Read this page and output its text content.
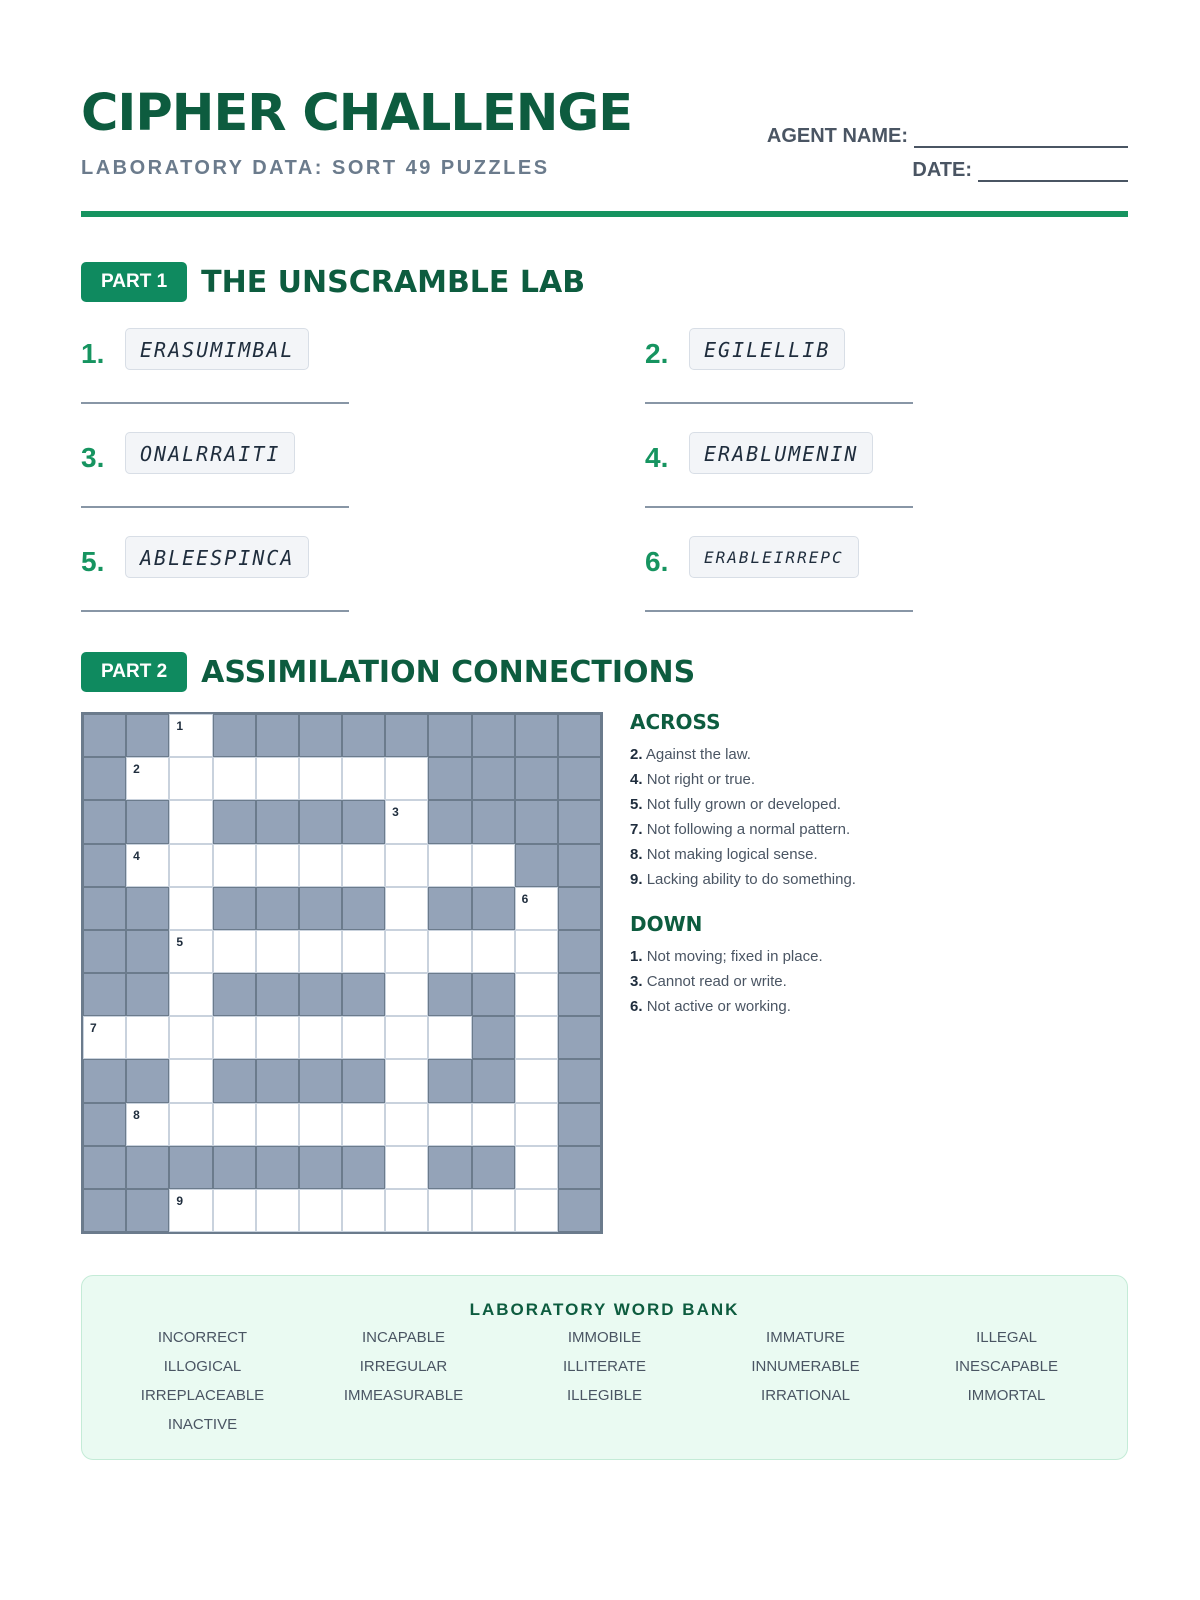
CIPHER CHALLENGE
LABORATORY DATA: SORT 49 PUZZLES
AGENT NAME:
DATE:
PART 1	THE UNSCRAMBLE LAB
1.	ERASUMIMBAL	2.	EGILELLIB
3.	ONALRRAITI	4.	ERABLUMENIN
5.	ABLEESPINCA	6.	ERABLEIRREPC
PART 2	ASSIMILATION CONNECTIONS
1
2
3
4
6
5
7
8
9
ACROSS
2. Against the law.
4. Not right or true.
5. Not fully grown or developed.
7. Not following a normal pattern.
8. Not making logical sense.
9. Lacking ability to do something.
DOWN
1. Not moving; fixed in place.
3. Cannot read or write.
6. Not active or working.
LABORATORY WORD BANK
INCORRECT	INCAPABLE	IMMOBILE	IMMATURE	ILLEGAL
ILLOGICAL	IRREGULAR	ILLITERATE	INNUMERABLE	INESCAPABLE
IRREPLACEABLE	IMMEASURABLE	ILLEGIBLE	IRRATIONAL	IMMORTAL
INACTIVE
